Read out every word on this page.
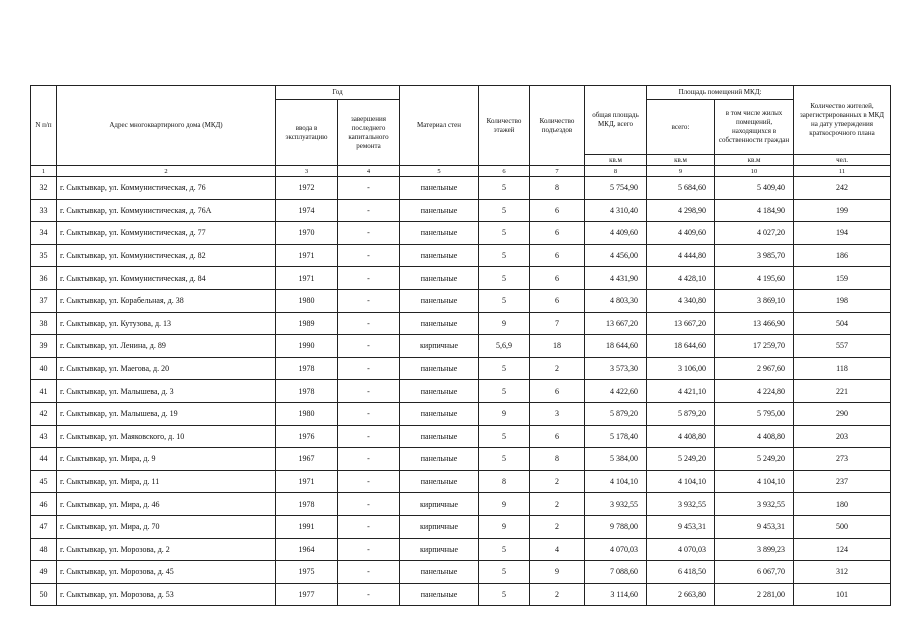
N п/п	Адрес многоквартирного дома (МКД)	Год		Материал стен	Количество этажей	Количество подъездов	общая площадь МКД, всего	Площадь помещений МКД:		Количество жителей, зарегистрированных в МКД на дату утверждения краткосрочного плана
		ввода в эксплуатацию	завершения последнего капитального ремонта					всего:	в том числе жилых помещений, находящихся в собственности граждан	
							кв.м	кв.м	кв.м	чел.
1	2	3	4	5	6	7	8	9	10	11
32	г. Сыктывкар, ул. Коммунистическая, д. 76	1972	-	панельные	5	8	5 754,90	5 684,60	5 409,40	242
33	г. Сыктывкар, ул. Коммунистическая, д. 76А	1974	-	панельные	5	6	4 310,40	4 298,90	4 184,90	199
34	г. Сыктывкар, ул. Коммунистическая, д. 77	1970	-	панельные	5	6	4 409,60	4 409,60	4 027,20	194
35	г. Сыктывкар, ул. Коммунистическая, д. 82	1971	-	панельные	5	6	4 456,00	4 444,80	3 985,70	186
36	г. Сыктывкар, ул. Коммунистическая, д. 84	1971	-	панельные	5	6	4 431,90	4 428,10	4 195,60	159
37	г. Сыктывкар, ул. Корабельная, д. 38	1980	-	панельные	5	6	4 803,30	4 340,80	3 869,10	198
38	г. Сыктывкар, ул. Кутузова, д. 13	1989	-	панельные	9	7	13 667,20	13 667,20	13 466,90	504
39	г. Сыктывкар, ул. Ленина, д. 89	1990	-	кирпичные	5,6,9	18	18 644,60	18 644,60	17 259,70	557
40	г. Сыктывкар, ул. Маегова, д. 20	1978	-	панельные	5	2	3 573,30	3 106,00	2 967,60	118
41	г. Сыктывкар, ул. Малышева, д. 3	1978	-	панельные	5	6	4 422,60	4 421,10	4 224,80	221
42	г. Сыктывкар, ул. Малышева, д. 19	1980	-	панельные	9	3	5 879,20	5 879,20	5 795,00	290
43	г. Сыктывкар, ул. Маяковского, д. 10	1976	-	панельные	5	6	5 178,40	4 408,80	4 408,80	203
44	г. Сыктывкар, ул. Мира, д. 9	1967	-	панельные	5	8	5 384,00	5 249,20	5 249,20	273
45	г. Сыктывкар, ул. Мира, д. 11	1971	-	панельные	8	2	4 104,10	4 104,10	4 104,10	237
46	г. Сыктывкар, ул. Мира, д. 46	1978	-	кирпичные	9	2	3 932,55	3 932,55	3 932,55	180
47	г. Сыктывкар, ул. Мира, д. 70	1991	-	кирпичные	9	2	9 788,00	9 453,31	9 453,31	500
48	г. Сыктывкар, ул. Морозова, д. 2	1964	-	кирпичные	5	4	4 070,03	4 070,03	3 899,23	124
49	г. Сыктывкар, ул. Морозова, д. 45	1975	-	панельные	5	9	7 088,60	6 418,50	6 067,70	312
50	г. Сыктывкар, ул. Морозова, д. 53	1977	-	панельные	5	2	3 114,60	2 663,80	2 281,00	101
